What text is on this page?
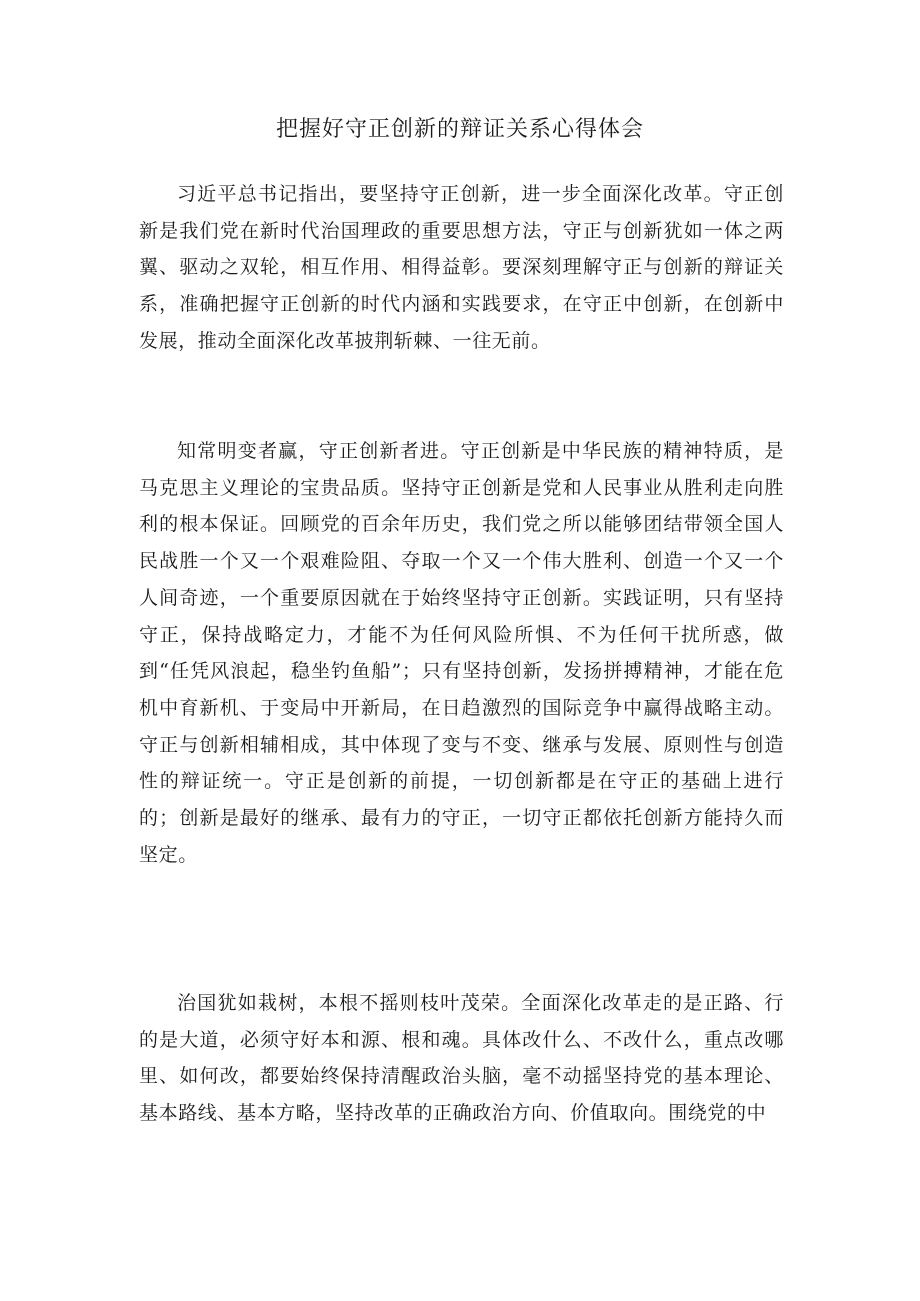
把握好守正创新的辩证关系心得体会

习近平总书记指出，要坚持守正创新，进一步全面深化改革。守正创新是我们党在新时代治国理政的重要思想方法，守正与创新犹如一体之两翼、驱动之双轮，相互作用、相得益彰。要深刻理解守正与创新的辩证关系，准确把握守正创新的时代内涵和实践要求，在守正中创新，在创新中发展，推动全面深化改革披荆斩棘、一往无前。

知常明变者赢，守正创新者进。守正创新是中华民族的精神特质，是马克思主义理论的宝贵品质。坚持守正创新是党和人民事业从胜利走向胜利的根本保证。回顾党的百余年历史，我们党之所以能够团结带领全国人民战胜一个又一个艰难险阻、夺取一个又一个伟大胜利、创造一个又一个人间奇迹，一个重要原因就在于始终坚持守正创新。实践证明，只有坚持守正，保持战略定力，才能不为任何风险所惧、不为任何干扰所惑，做到“任凭风浪起，稳坐钓鱼船”；只有坚持创新，发扬拼搏精神，才能在危机中育新机、于变局中开新局，在日趋激烈的国际竞争中赢得战略主动。守正与创新相辅相成，其中体现了变与不变、继承与发展、原则性与创造性的辩证统一。守正是创新的前提，一切创新都是在守正的基础上进行的；创新是最好的继承、最有力的守正，一切守正都依托创新方能持久而坚定。

治国犹如栽树，本根不摇则枝叶茂荣。全面深化改革走的是正路、行的是大道，必须守好本和源、根和魂。具体改什么、不改什么，重点改哪里、如何改，都要始终保持清醒政治头脑，毫不动摇坚持党的基本理论、基本路线、基本方略，坚持改革的正确政治方向、价值取向。围绕党的中
